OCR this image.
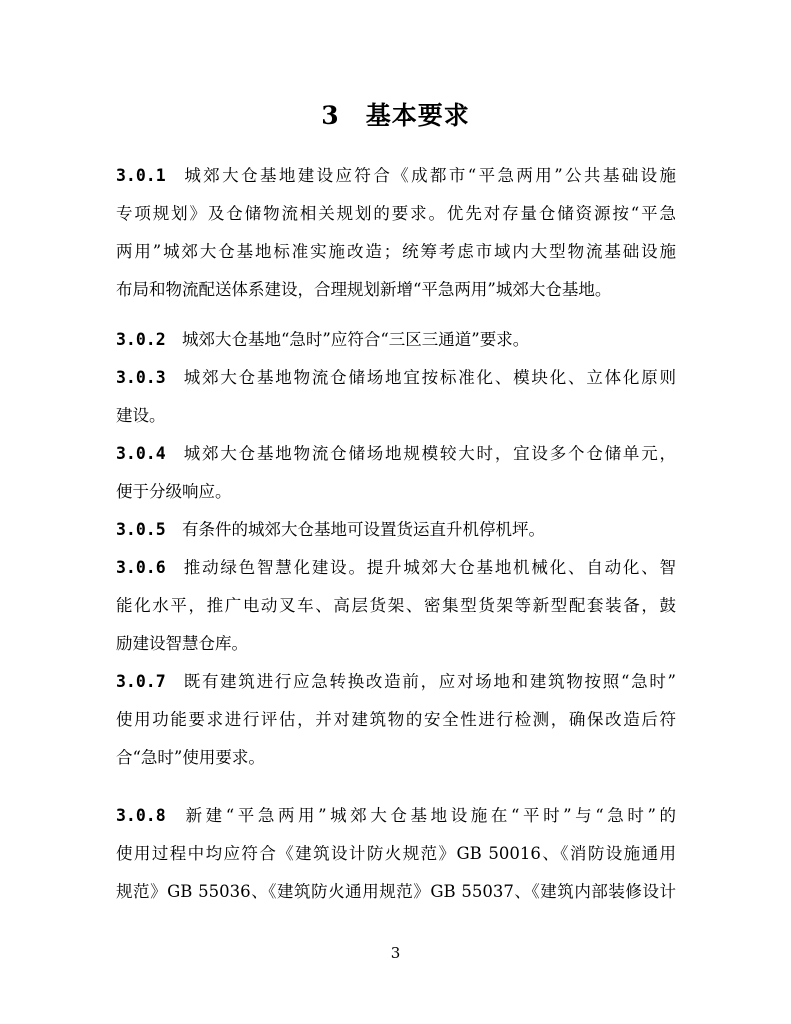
3 基本要求
3.0.1 城郊大仓基地建设应符合《成都市“平急两用”公共基础设施
专项规划》及仓储物流相关规划的要求。优先对存量仓储资源按“平急
两用”城郊大仓基地标准实施改造；统筹考虑市域内大型物流基础设施
布局和物流配送体系建设，合理规划新增“平急两用”城郊大仓基地。
3.0.2 城郊大仓基地“急时”应符合“三区三通道”要求。
3.0.3 城郊大仓基地物流仓储场地宜按标准化、模块化、立体化原则
建设。
3.0.4 城郊大仓基地物流仓储场地规模较大时，宜设多个仓储单元，
便于分级响应。
3.0.5 有条件的城郊大仓基地可设置货运直升机停机坪。
3.0.6 推动绿色智慧化建设。提升城郊大仓基地机械化、自动化、智
能化水平，推广电动叉车、高层货架、密集型货架等新型配套装备，鼓
励建设智慧仓库。
3.0.7 既有建筑进行应急转换改造前，应对场地和建筑物按照“急时”
使用功能要求进行评估，并对建筑物的安全性进行检测，确保改造后符
合“急时”使用要求。
3.0.8 新建“平急两用”城郊大仓基地设施在“平时”与“急时”的
使用过程中均应符合《建筑设计防火规范》GB 50016、《消防设施通用
规范》GB 55036、《建筑防火通用规范》GB 55037、《建筑内部装修设计
3
